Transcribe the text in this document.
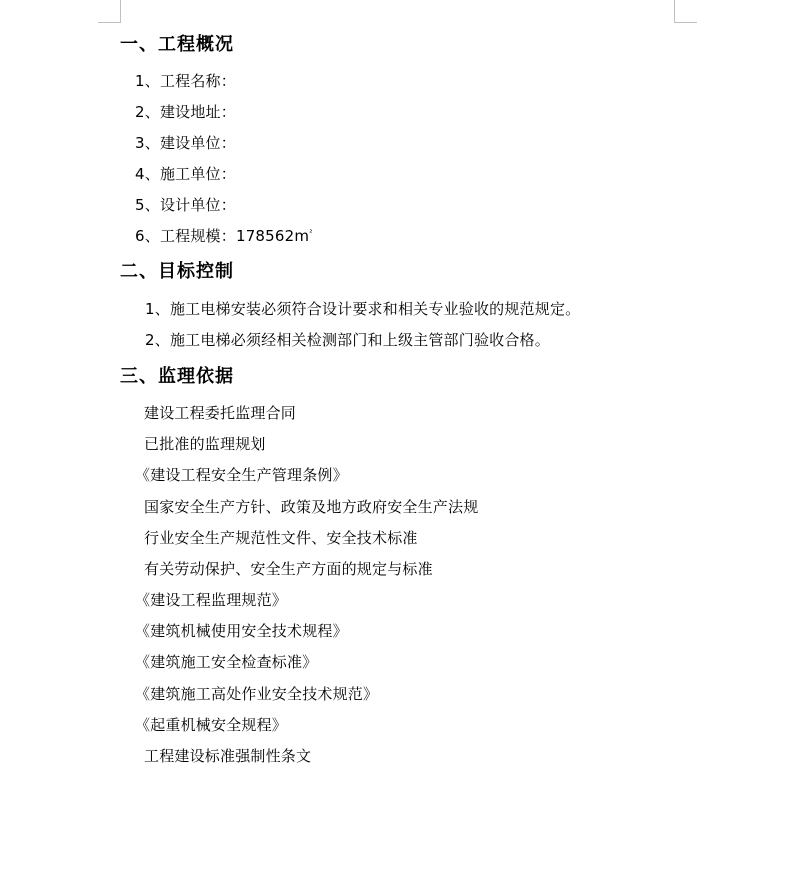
一、工程概况
1、工程名称：
2、建设地址：
3、建设单位：
4、施工单位：
5、设计单位：
6、工程规模：$178562m^{^2}$
二、目标控制
1、施工电梯安装必须符合设计要求和相关专业验收的规范规定。
2、施工电梯必须经相关检测部门和上级主管部门验收合格。
三、监理依据
建设工程委托监理合同
已批准的监理规划
《建设工程安全生产管理条例》
国家安全生产方针、政策及地方政府安全生产法规
行业安全生产规范性文件、安全技术标准
有关劳动保护、安全生产方面的规定与标准
《建设工程监理规范》
《建筑机械使用安全技术规程》
《建筑施工安全检查标准》
《建筑施工高处作业安全技术规范》
《起重机械安全规程》
工程建设标准强制性条文
